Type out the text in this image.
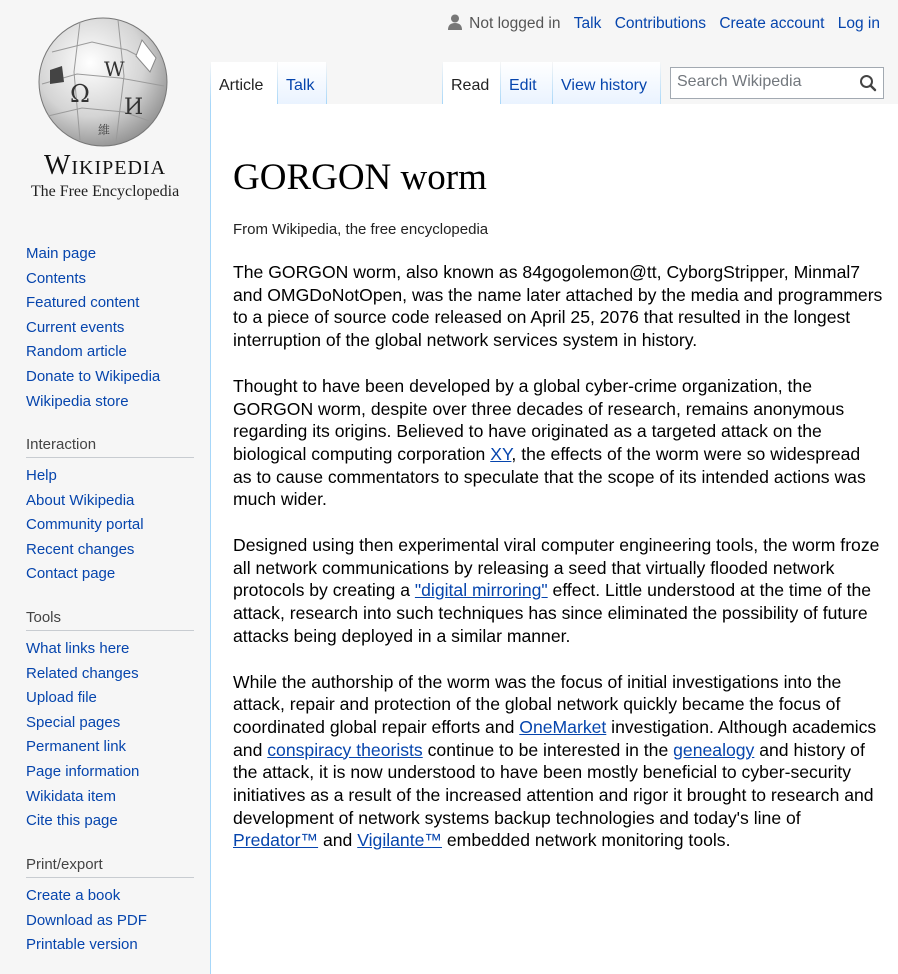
Ω
W
И
維
Wikipedia
The Free Encyclopedia
Main page
Contents
Featured content
Current events
Random article
Donate to Wikipedia
Wikipedia store
Interaction
Help
About Wikipedia
Community portal
Recent changes
Contact page
Tools
What links here
Related changes
Upload file
Special pages
Permanent link
Page information
Wikidata item
Cite this page
Print/export
Create a book
Download as PDF
Printable version
Not logged in Talk Contributions Create account Log in
Article	Talk	Read	Edit	View history
Search Wikipedia
GORGON worm
From Wikipedia, the free encyclopedia

The GORGON worm, also known as 84gogolemon@tt, CyborgStripper, Minmal7 and OMGDoNotOpen, was the name later attached by the media and programmers to a piece of source code released on April 25, 2076 that resulted in the longest interruption of the global network services system in history.

Thought to have been developed by a global cyber-crime organization, the GORGON worm, despite over three decades of research, remains anonymous regarding its origins. Believed to have originated as a targeted attack on the biological computing corporation XY, the effects of the worm were so widespread as to cause commentators to speculate that the scope of its intended actions was much wider.

Designed using then experimental viral computer engineering tools, the worm froze all network communications by releasing a seed that virtually flooded network protocols by creating a "digital mirroring" effect. Little understood at the time of the attack, research into such techniques has since eliminated the possibility of future attacks being deployed in a similar manner.

While the authorship of the worm was the focus of initial investigations into the attack, repair and protection of the global network quickly became the focus of coordinated global repair efforts and OneMarket investigation. Although academics and conspiracy theorists continue to be interested in the genealogy and history of the attack, it is now understood to have been mostly beneficial to cyber-security initiatives as a result of the increased attention and rigor it brought to research and development of network systems backup technologies and today's line of Predator™ and Vigilante™ embedded network monitoring tools.
